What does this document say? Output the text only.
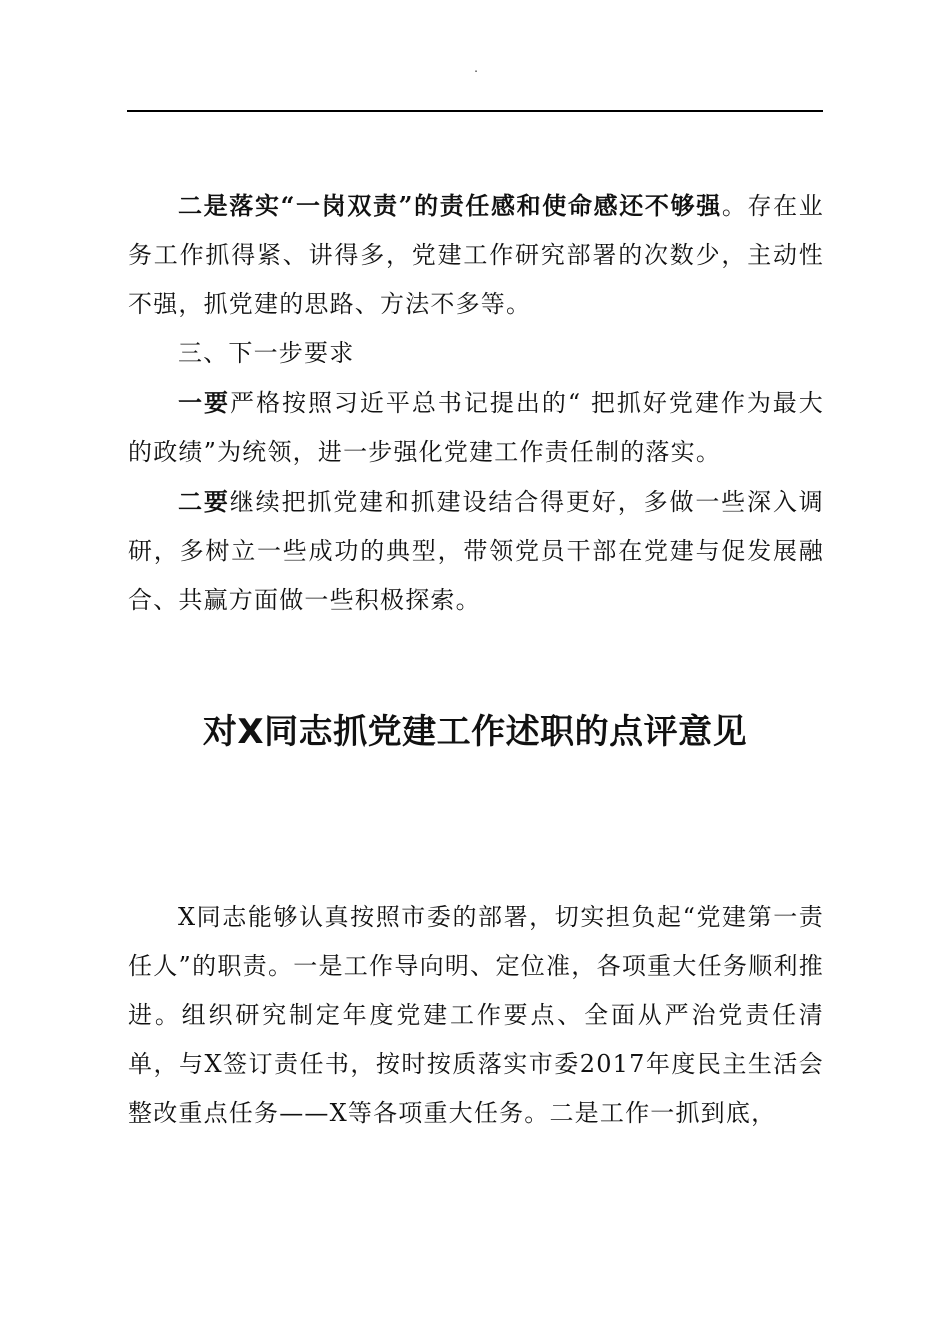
.

二是落实“一岗双责”的责任感和使命感还不够强。存在业务工作抓得紧、讲得多，党建工作研究部署的次数少，主动性不强，抓党建的思路、方法不多等。

三、下一步要求

一要严格按照习近平总书记提出的“ 把抓好党建作为最大的政绩”为统领，进一步强化党建工作责任制的落实。

二要继续把抓党建和抓建设结合得更好，多做一些深入调研，多树立一些成功的典型，带领党员干部在党建与促发展融合、共赢方面做一些积极探索。

对X同志抓党建工作述职的点评意见

X同志能够认真按照市委的部署，切实担负起“党建第一责任人”的职责。一是工作导向明、定位准，各项重大任务顺利推进。组织研究制定年度党建工作要点、全面从严治党责任清单，与X签订责任书，按时按质落实市委2017年度民主生活会整改重点任务——X等各项重大任务。二是工作一抓到底，
